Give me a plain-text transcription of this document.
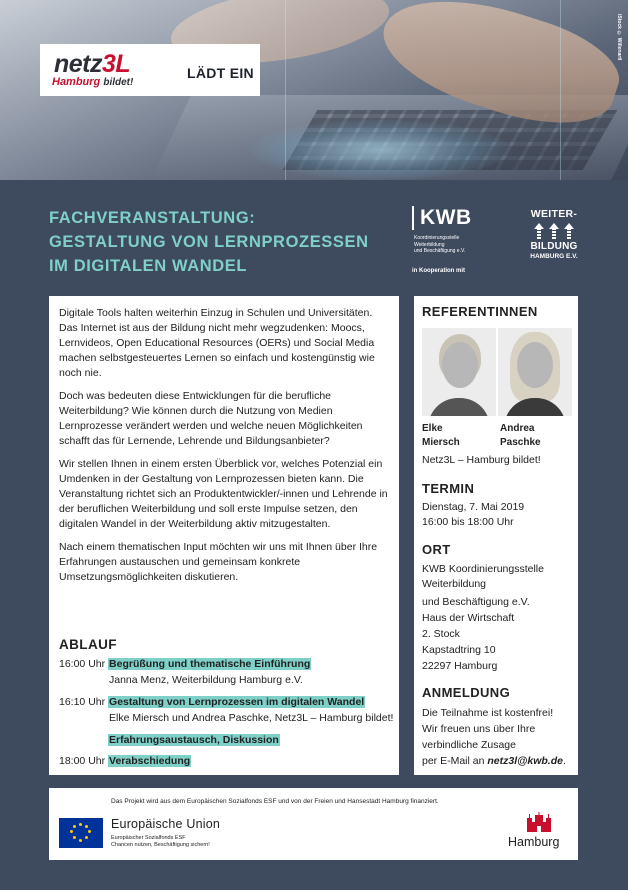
iStock © Willenartl
netz3L
Hamburg bildet!
LÄDT EIN
FACHVERANSTALTUNG:
GESTALTUNG VON LERNPROZESSEN
IM DIGITALEN WANDEL
KWB
Koordinierungsstelle
Weiterbildung
und Beschäftigung e.V.
in Kooperation mit
WEITER-
BILDUNG
HAMBURG E.V.

Digitale Tools halten weiterhin Einzug in Schulen und Universitäten. Das Internet ist aus der Bildung nicht mehr wegzudenken: Moocs, Lernvideos, Open Educational Resources (OERs) und Social Media machen selbstgesteuertes Lernen so einfach und kostengünstig wie noch nie.

Doch was bedeuten diese Entwicklungen für die berufliche Weiterbildung? Wie können durch die Nutzung von Medien Lernprozesse verändert werden und welche neuen Möglichkeiten schafft das für Lernende, Lehrende und Bildungsanbieter?

Wir stellen Ihnen in einem ersten Überblick vor, welches Potenzial ein Umdenken in der Gestaltung von Lernprozessen bieten kann. Die Veranstaltung richtet sich an Produktentwickler/-innen und Lehrende in der beruflichen Weiterbildung und soll erste Impulse setzen, den digitalen Wandel in der Weiterbildung aktiv mitzugestalten.

Nach einem thematischen Input möchten wir uns mit Ihnen über Ihre Erfahrungen austauschen und gemeinsam konkrete Umsetzungsmöglichkeiten diskutieren.

ABLAUF
16:00 Uhr Begrüßung und thematische Einführung
Janna Menz, Weiterbildung Hamburg e.V.
16:10 Uhr Gestaltung von Lernprozessen im digitalen Wandel
Elke Miersch und Andrea Paschke, Netz3L – Hamburg bildet!
Erfahrungsaustausch, Diskussion
18:00 Uhr Verabschiedung
REFERENTINNEN
Elke
Miersch
Andrea
Paschke
Netz3L – Hamburg bildet!
TERMIN
Dienstag, 7. Mai 2019
16:00 bis 18:00 Uhr
ORT
KWB Koordinierungsstelle
Weiterbildung
und Beschäftigung e.V.
Haus der Wirtschaft
2. Stock
Kapstadtring 10
22297 Hamburg
ANMELDUNG
Die Teilnahme ist kostenfrei!
Wir freuen uns über Ihre
verbindliche Zusage
per E-Mail an netz3l@kwb.de.
Das Projekt wird aus dem Europäischen Sozialfonds ESF und von der Freien und Hansestadt Hamburg finanziert.
Europäische Union
Europäischer Sozialfonds ESF
Chancen nutzen, Beschäftigung sichern!	Hamburg
